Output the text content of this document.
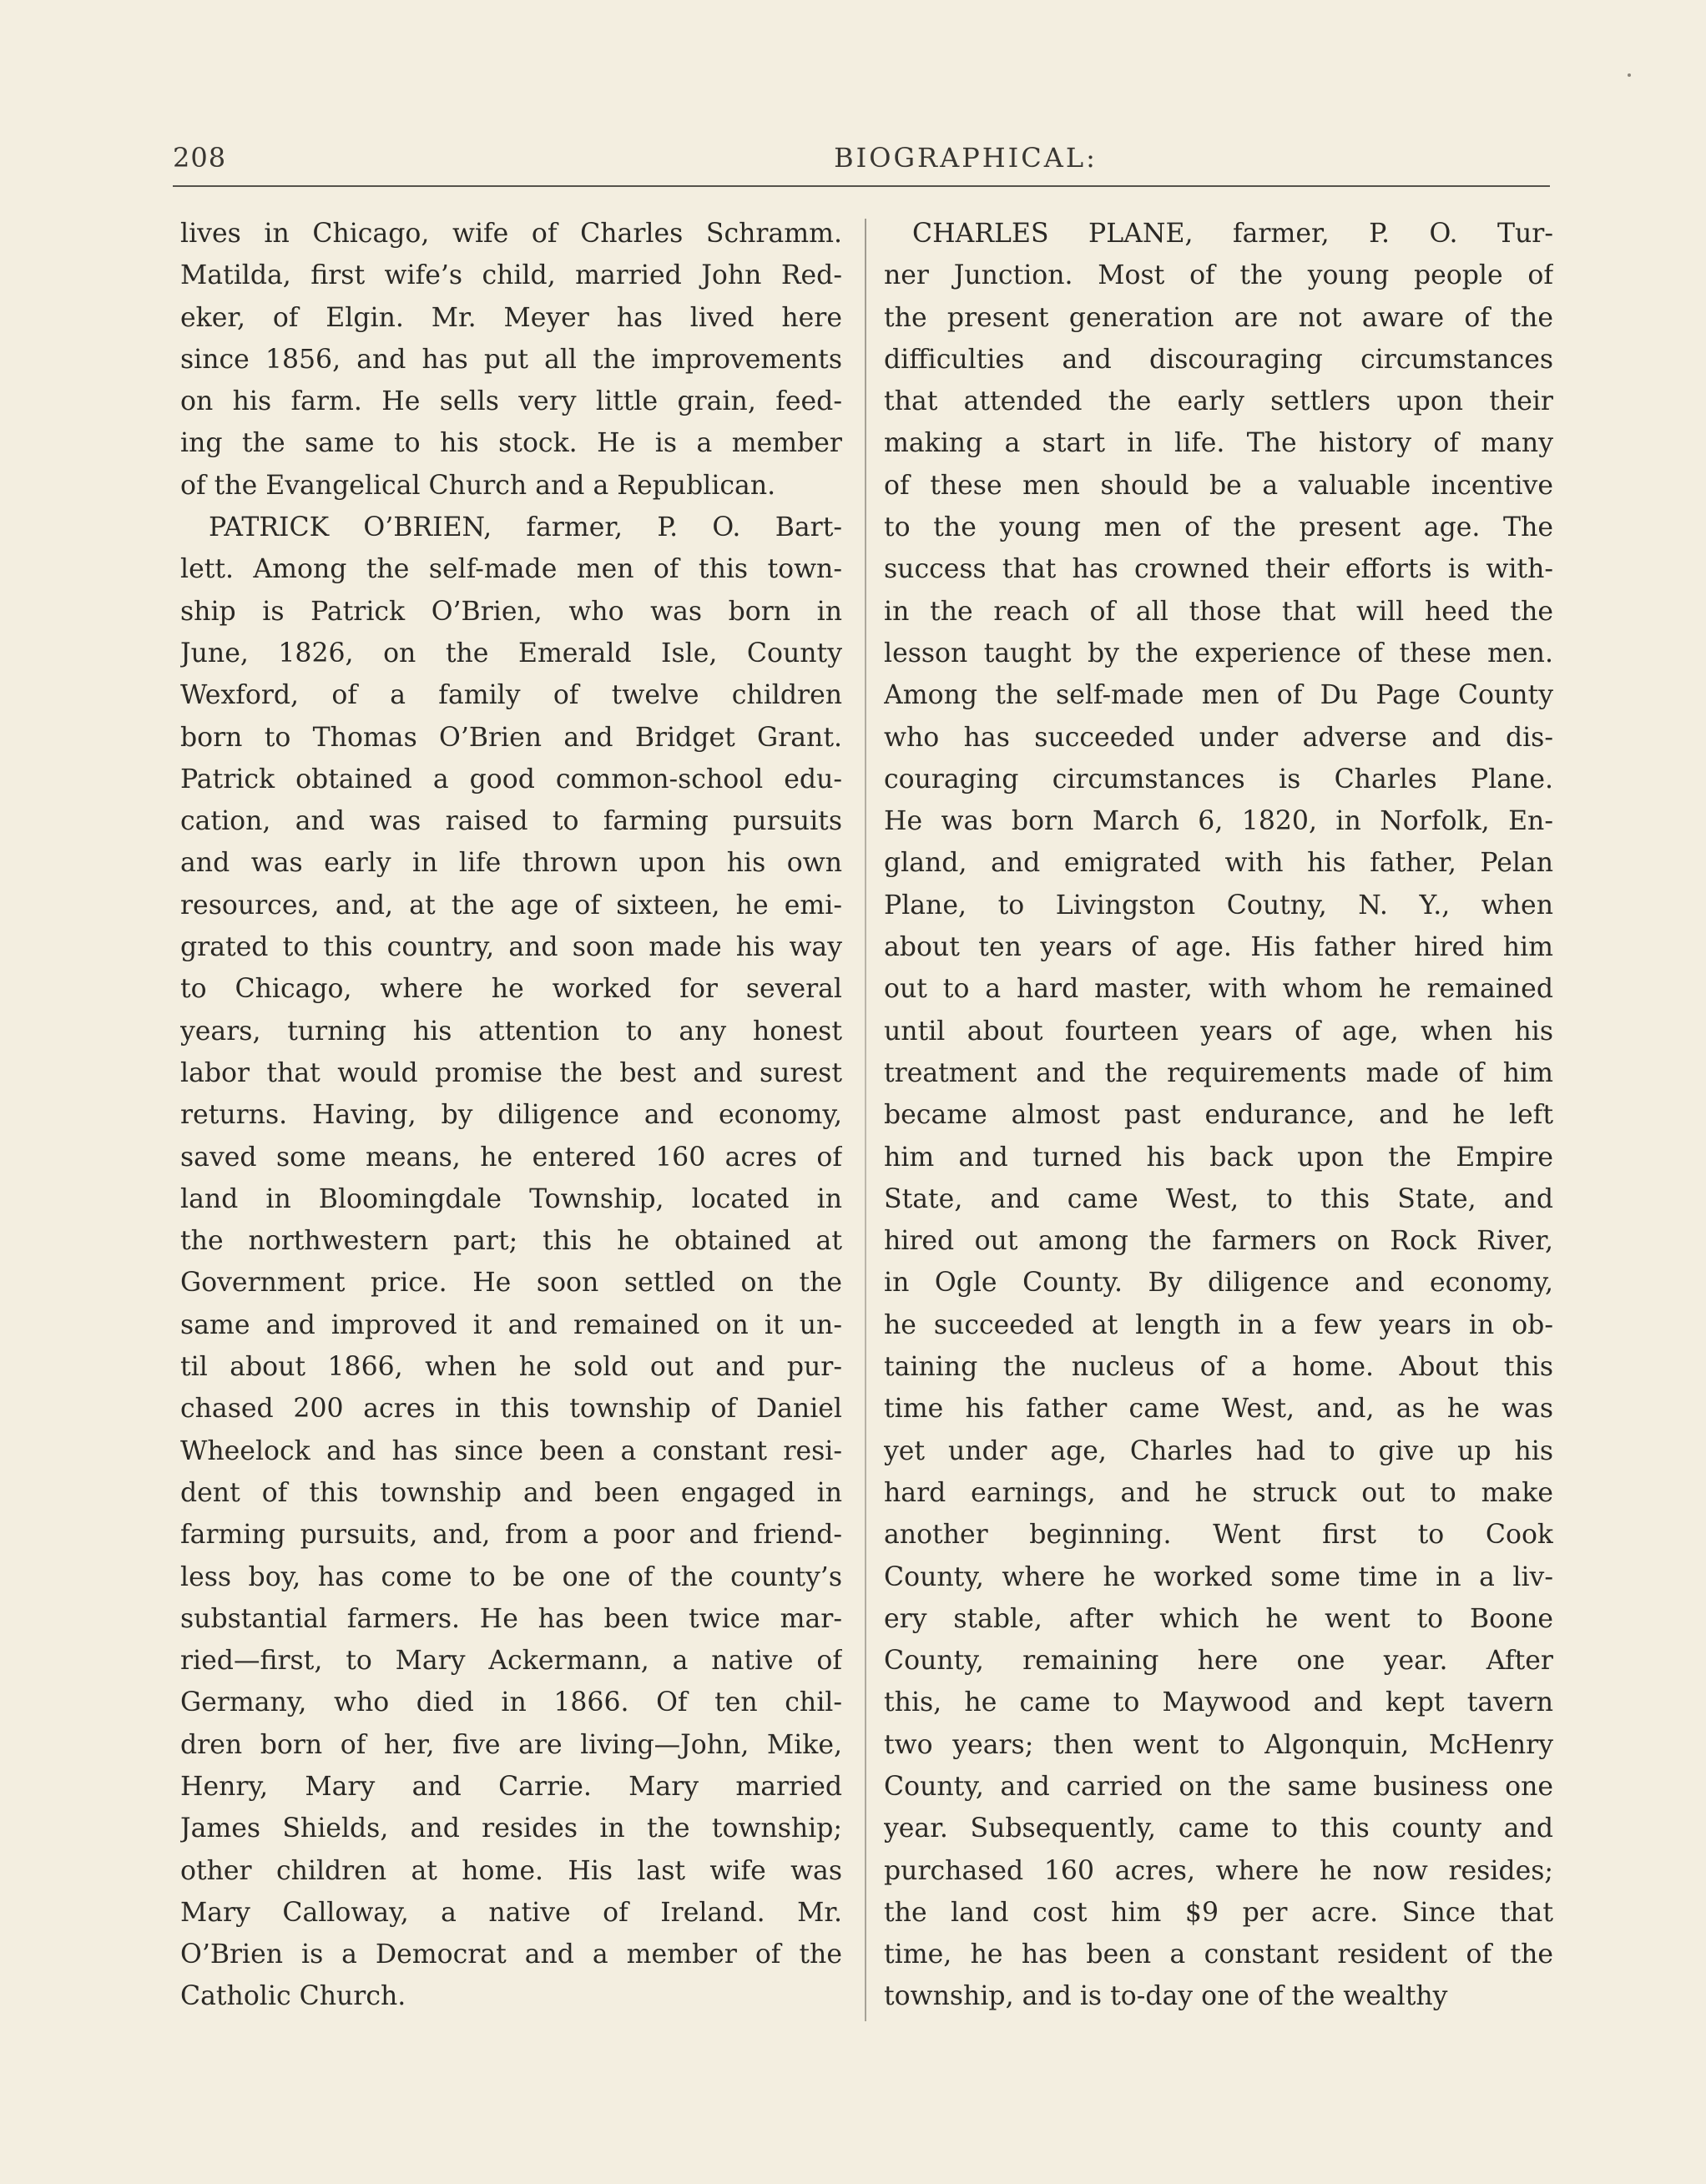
208	BIOGRAPHICAL:
lives in Chicago, wife of Charles Schramm.
Matilda, first wife’s child, married John Red-
eker, of Elgin. Mr. Meyer has lived here
since 1856, and has put all the improvements
on his farm. He sells very little grain, feed-
ing the same to his stock. He is a member
of the Evangelical Church and a Republican.
PATRICK O’BRIEN, farmer, P. O. Bart-
lett. Among the self-made men of this town-
ship is Patrick O’Brien, who was born in
June, 1826, on the Emerald Isle, County
Wexford, of a family of twelve children
born to Thomas O’Brien and Bridget Grant.
Patrick obtained a good common-school edu-
cation, and was raised to farming pursuits
and was early in life thrown upon his own
resources, and, at the age of sixteen, he emi-
grated to this country, and soon made his way
to Chicago, where he worked for several
years, turning his attention to any honest
labor that would promise the best and surest
returns. Having, by diligence and economy,
saved some means, he entered 160 acres of
land in Bloomingdale Township, located in
the northwestern part; this he obtained at
Government price. He soon settled on the
same and improved it and remained on it un-
til about 1866, when he sold out and pur-
chased 200 acres in this township of Daniel
Wheelock and has since been a constant resi-
dent of this township and been engaged in
farming pursuits, and, from a poor and friend-
less boy, has come to be one of the county’s
substantial farmers. He has been twice mar-
ried—first, to Mary Ackermann, a native of
Germany, who died in 1866. Of ten chil-
dren born of her, five are living—John, Mike,
Henry, Mary and Carrie. Mary married
James Shields, and resides in the township;
other children at home. His last wife was
Mary Calloway, a native of Ireland. Mr.
O’Brien is a Democrat and a member of the
Catholic Church.
CHARLES PLANE, farmer, P. O. Tur-
ner Junction. Most of the young people of
the present generation are not aware of the
difficulties and discouraging circumstances
that attended the early settlers upon their
making a start in life. The history of many
of these men should be a valuable incentive
to the young men of the present age. The
success that has crowned their efforts is with-
in the reach of all those that will heed the
lesson taught by the experience of these men.
Among the self-made men of Du Page County
who has succeeded under adverse and dis-
couraging circumstances is Charles Plane.
He was born March 6, 1820, in Norfolk, En-
gland, and emigrated with his father, Pelan
Plane, to Livingston Coutny, N. Y., when
about ten years of age. His father hired him
out to a hard master, with whom he remained
until about fourteen years of age, when his
treatment and the requirements made of him
became almost past endurance, and he left
him and turned his back upon the Empire
State, and came West, to this State, and
hired out among the farmers on Rock River,
in Ogle County. By diligence and economy,
he succeeded at length in a few years in ob-
taining the nucleus of a home. About this
time his father came West, and, as he was
yet under age, Charles had to give up his
hard earnings, and he struck out to make
another beginning. Went first to Cook
County, where he worked some time in a liv-
ery stable, after which he went to Boone
County, remaining here one year. After
this, he came to Maywood and kept tavern
two years; then went to Algonquin, McHenry
County, and carried on the same business one
year. Subsequently, came to this county and
purchased 160 acres, where he now resides;
the land cost him $9 per acre. Since that
time, he has been a constant resident of the
township, and is to-day one of the wealthy
